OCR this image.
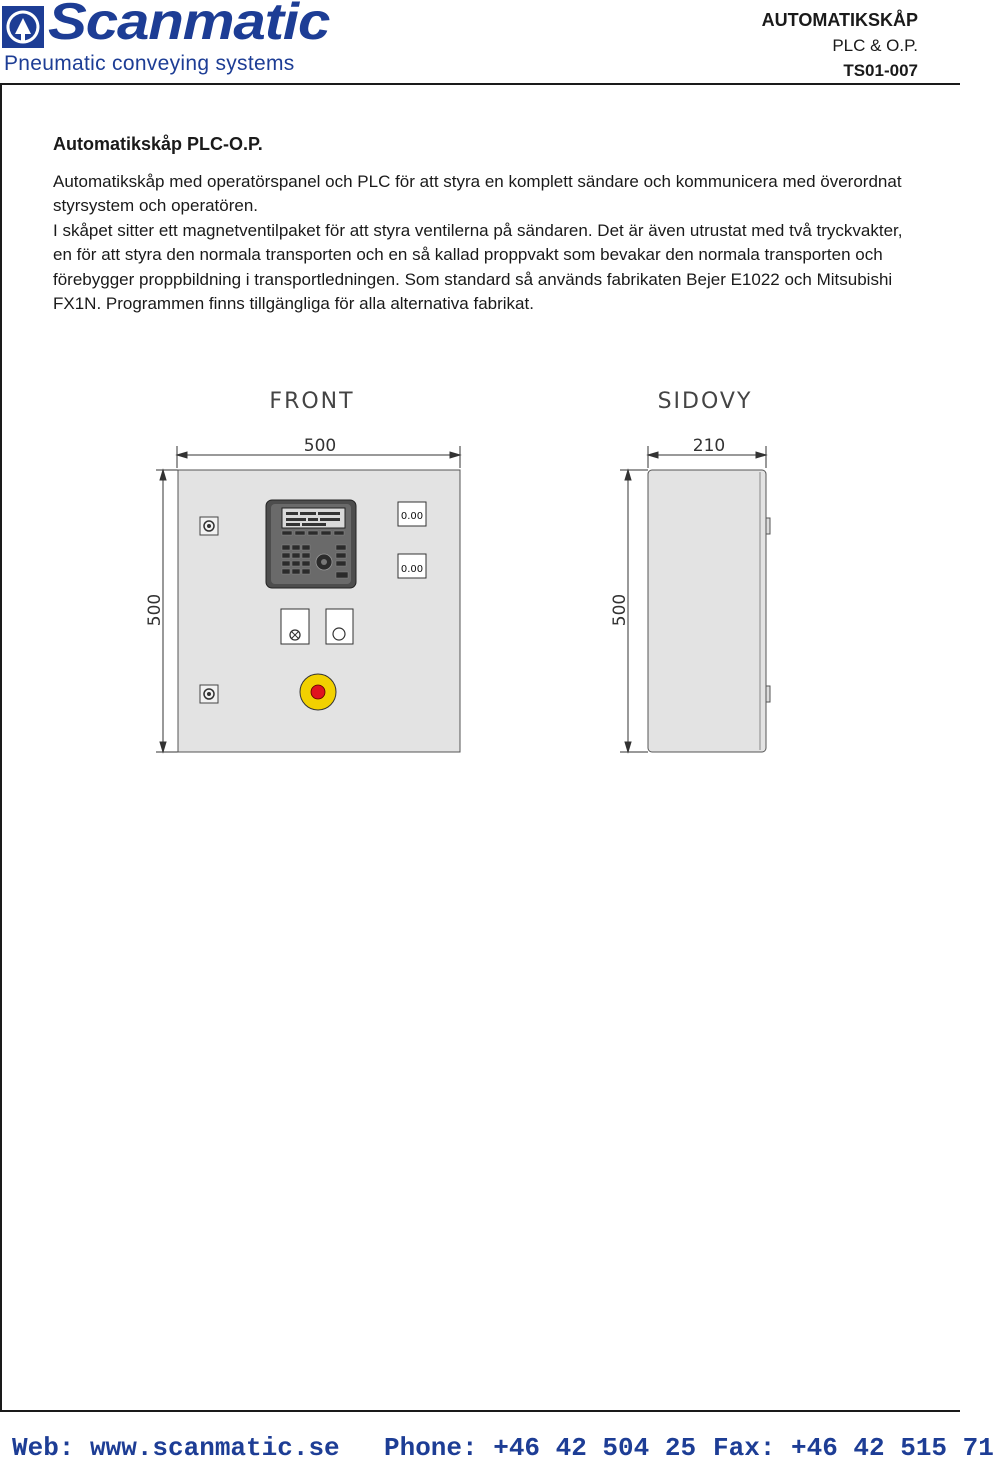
Scanmatic
Pneumatic conveying systems
AUTOMATIKSKÅP
PLC & O.P.
TS01-007
Automatikskåp PLC-O.P.
Automatikskåp med operatörspanel och PLC för att styra en komplett sändare och kommunicera med överordnat styrsystem och operatören.
I skåpet sitter ett magnetventilpaket för att styra ventilerna på sändaren. Det är även utrustat med två tryckvakter, en för att styra den normala transporten och en så kallad proppvakt som bevakar den normala transporten och förebygger proppbildning i transportledningen. Som standard så används fabrikaten Bejer E1022 och Mitsubishi FX1N. Programmen finns tillgängliga för alla alternativa fabrikat.
FRONT	SIDOVY
500
500
0.00
0.00
210
500
Web: www.scanmatic.se Phone: +46 42 504 25 Fax: +46 42 515 71
